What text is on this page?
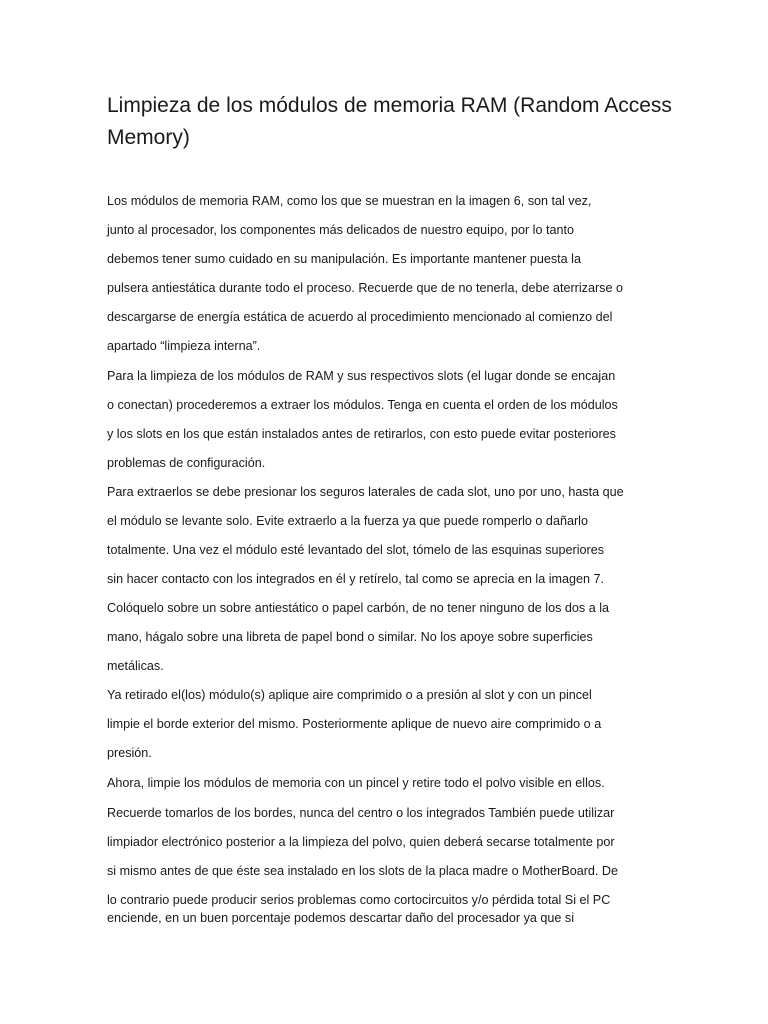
Limpieza de los módulos de memoria RAM (Random Access Memory)

Los módulos de memoria RAM, como los que se muestran en la imagen 6, son tal vez,

junto al procesador, los componentes más delicados de nuestro equipo, por lo tanto

debemos tener sumo cuidado en su manipulación. Es importante mantener puesta la

pulsera antiestática durante todo el proceso. Recuerde que de no tenerla, debe aterrizarse o

descargarse de energía estática de acuerdo al procedimiento mencionado al comienzo del

apartado “limpieza interna”.

Para la limpieza de los módulos de RAM y sus respectivos slots (el lugar donde se encajan

o conectan) procederemos a extraer los módulos. Tenga en cuenta el orden de los módulos

y los slots en los que están instalados antes de retirarlos, con esto puede evitar posteriores

problemas de configuración.

Para extraerlos se debe presionar los seguros laterales de cada slot, uno por uno, hasta que

el módulo se levante solo. Evite extraerlo a la fuerza ya que puede romperlo o dañarlo

totalmente. Una vez el módulo esté levantado del slot, tómelo de las esquinas superiores

sin hacer contacto con los integrados en él y retírelo, tal como se aprecia en la imagen 7.

Colóquelo sobre un sobre antiestático o papel carbón, de no tener ninguno de los dos a la

mano, hágalo sobre una libreta de papel bond o similar. No los apoye sobre superficies

metálicas.

Ya retirado el(los) módulo(s) aplique aire comprimido o a presión al slot y con un pincel

limpie el borde exterior del mismo. Posteriormente aplique de nuevo aire comprimido o a

presión.

Ahora, limpie los módulos de memoria con un pincel y retire todo el polvo visible en ellos.

Recuerde tomarlos de los bordes, nunca del centro o los integrados También puede utilizar

limpiador electrónico posterior a la limpieza del polvo, quien deberá secarse totalmente por

si mismo antes de que éste sea instalado en los slots de la placa madre o MotherBoard. De

lo contrario puede producir serios problemas como cortocircuitos y/o pérdida total Si el PC

enciende, en un buen porcentaje podemos descartar daño del procesador ya que si
